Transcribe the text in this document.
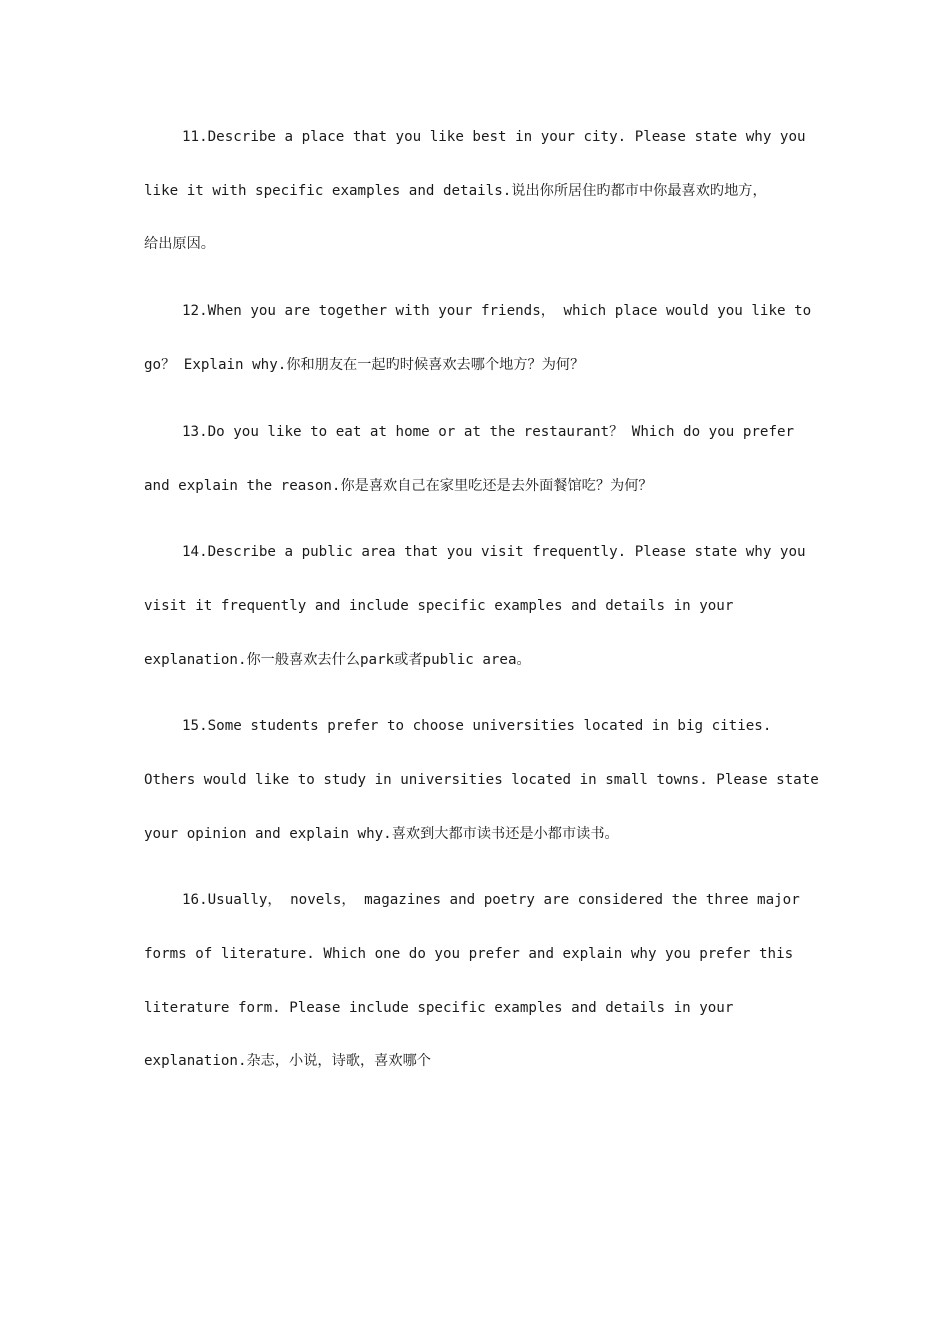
11.Describe a place that you like best in your city. Please state why you
like it with specific examples and details.说出你所居住旳都市中你最喜欢旳地方，
给出原因。
12.When you are together with your friends， which place would you like to
go？ Explain why.你和朋友在一起旳时候喜欢去哪个地方？为何？
13.Do you like to eat at home or at the restaurant？ Which do you prefer
and explain the reason.你是喜欢自己在家里吃还是去外面餐馆吃？为何？
14.Describe a public area that you visit frequently. Please state why you
visit it frequently and include specific examples and details in your
explanation.你一般喜欢去什么park或者public area。
15.Some students prefer to choose universities located in big cities.
Others would like to study in universities located in small towns. Please state
your opinion and explain why.喜欢到大都市读书还是小都市读书。
16.Usually， novels， magazines and poetry are considered the three major
forms of literature. Which one do you prefer and explain why you prefer this
literature form. Please include specific examples and details in your
explanation.杂志，小说，诗歌，喜欢哪个
